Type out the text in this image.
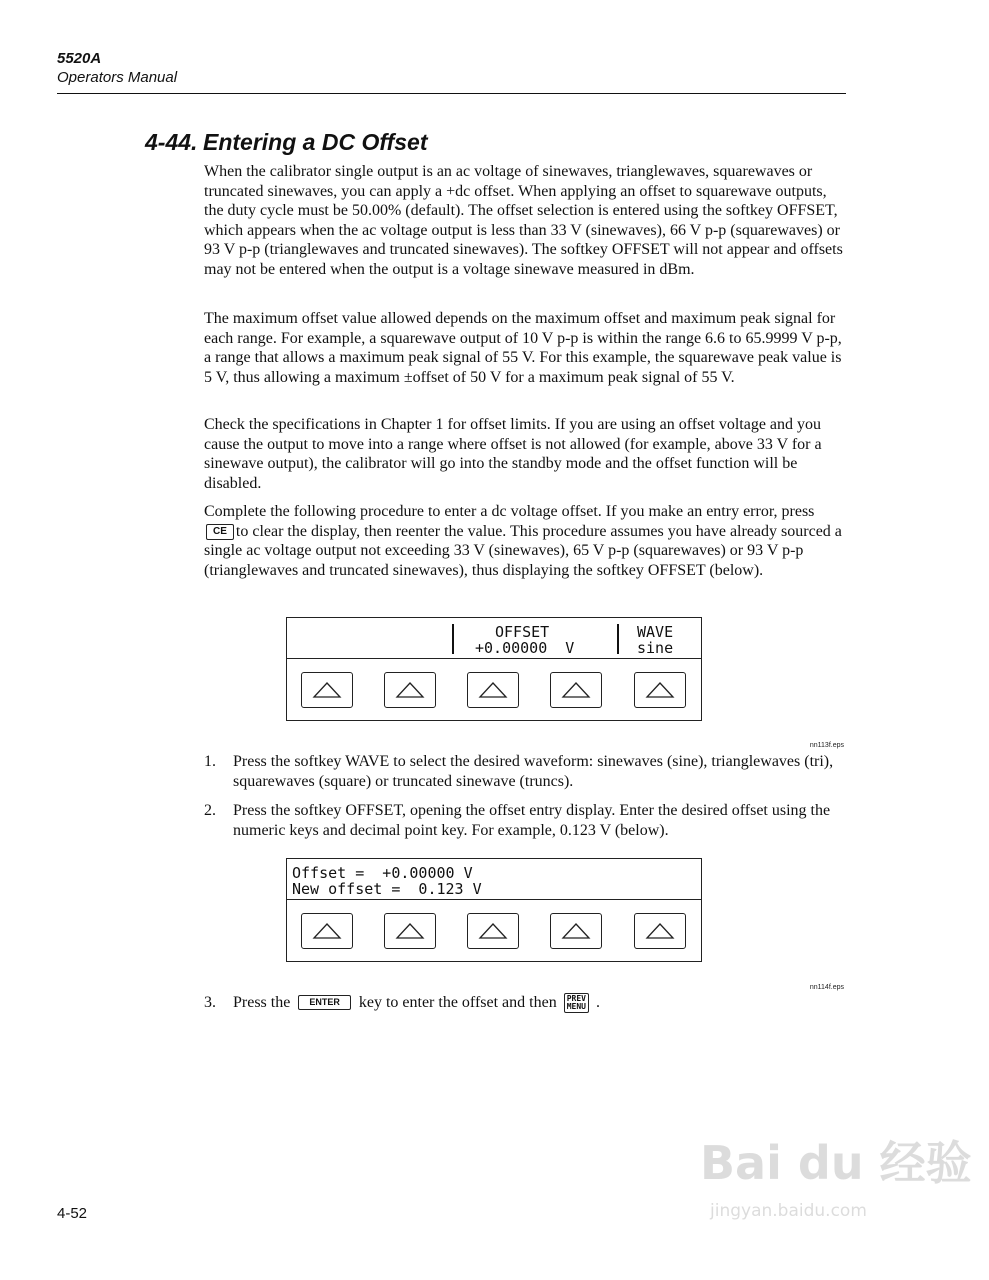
5520A
Operators Manual
4-44. Entering a DC Offset

When the calibrator single output is an ac voltage of sinewaves, trianglewaves, squarewaves or truncated sinewaves, you can apply a +dc offset. When applying an offset to squarewave outputs, the duty cycle must be 50.00% (default). The offset selection is entered using the softkey OFFSET, which appears when the ac voltage output is less than 33 V (sinewaves), 66 V p-p (squarewaves) or 93 V p-p (trianglewaves and truncated sinewaves). The softkey OFFSET will not appear and offsets may not be entered when the output is a voltage sinewave measured in dBm.

The maximum offset value allowed depends on the maximum offset and maximum peak signal for each range. For example, a squarewave output of 10 V p-p is within the range 6.6 to 65.9999 V p-p, a range that allows a maximum peak signal of 55 V. For this example, the squarewave peak value is 5 V, thus allowing a maximum ±offset of 50 V for a maximum peak signal of 55 V.

Check the specifications in Chapter 1 for offset limits. If you are using an offset voltage and you cause the output to move into a range where offset is not allowed (for example, above 33 V for a sinewave output), the calibrator will go into the standby mode and the offset function will be disabled.

Complete the following procedure to enter a dc voltage offset. If you make an entry error, press CE to clear the display, then reenter the value. This procedure assumes you have already sourced a single ac voltage output not exceeding 33 V (sinewaves), 65 V p-p (squarewaves) or 93 V p-p (trianglewaves and truncated sinewaves), thus displaying the softkey OFFSET (below).

OFFSET
+0.00000  V
WAVE
sine
nn113f.eps
1.	Press the softkey WAVE to select the desired waveform: sinewaves (sine), trianglewaves (tri), squarewaves (square) or truncated sinewave (truncs).
2.	Press the softkey OFFSET, opening the offset entry display. Enter the desired offset using the numeric keys and decimal point key. For example, 0.123 V (below).
Offset =  +0.00000 V
New offset =  0.123 V
nn114f.eps
3.	Press the ENTER key to enter the offset and then PREV
MENU .
4-52
Bai du 经验
jingyan.baidu.com
